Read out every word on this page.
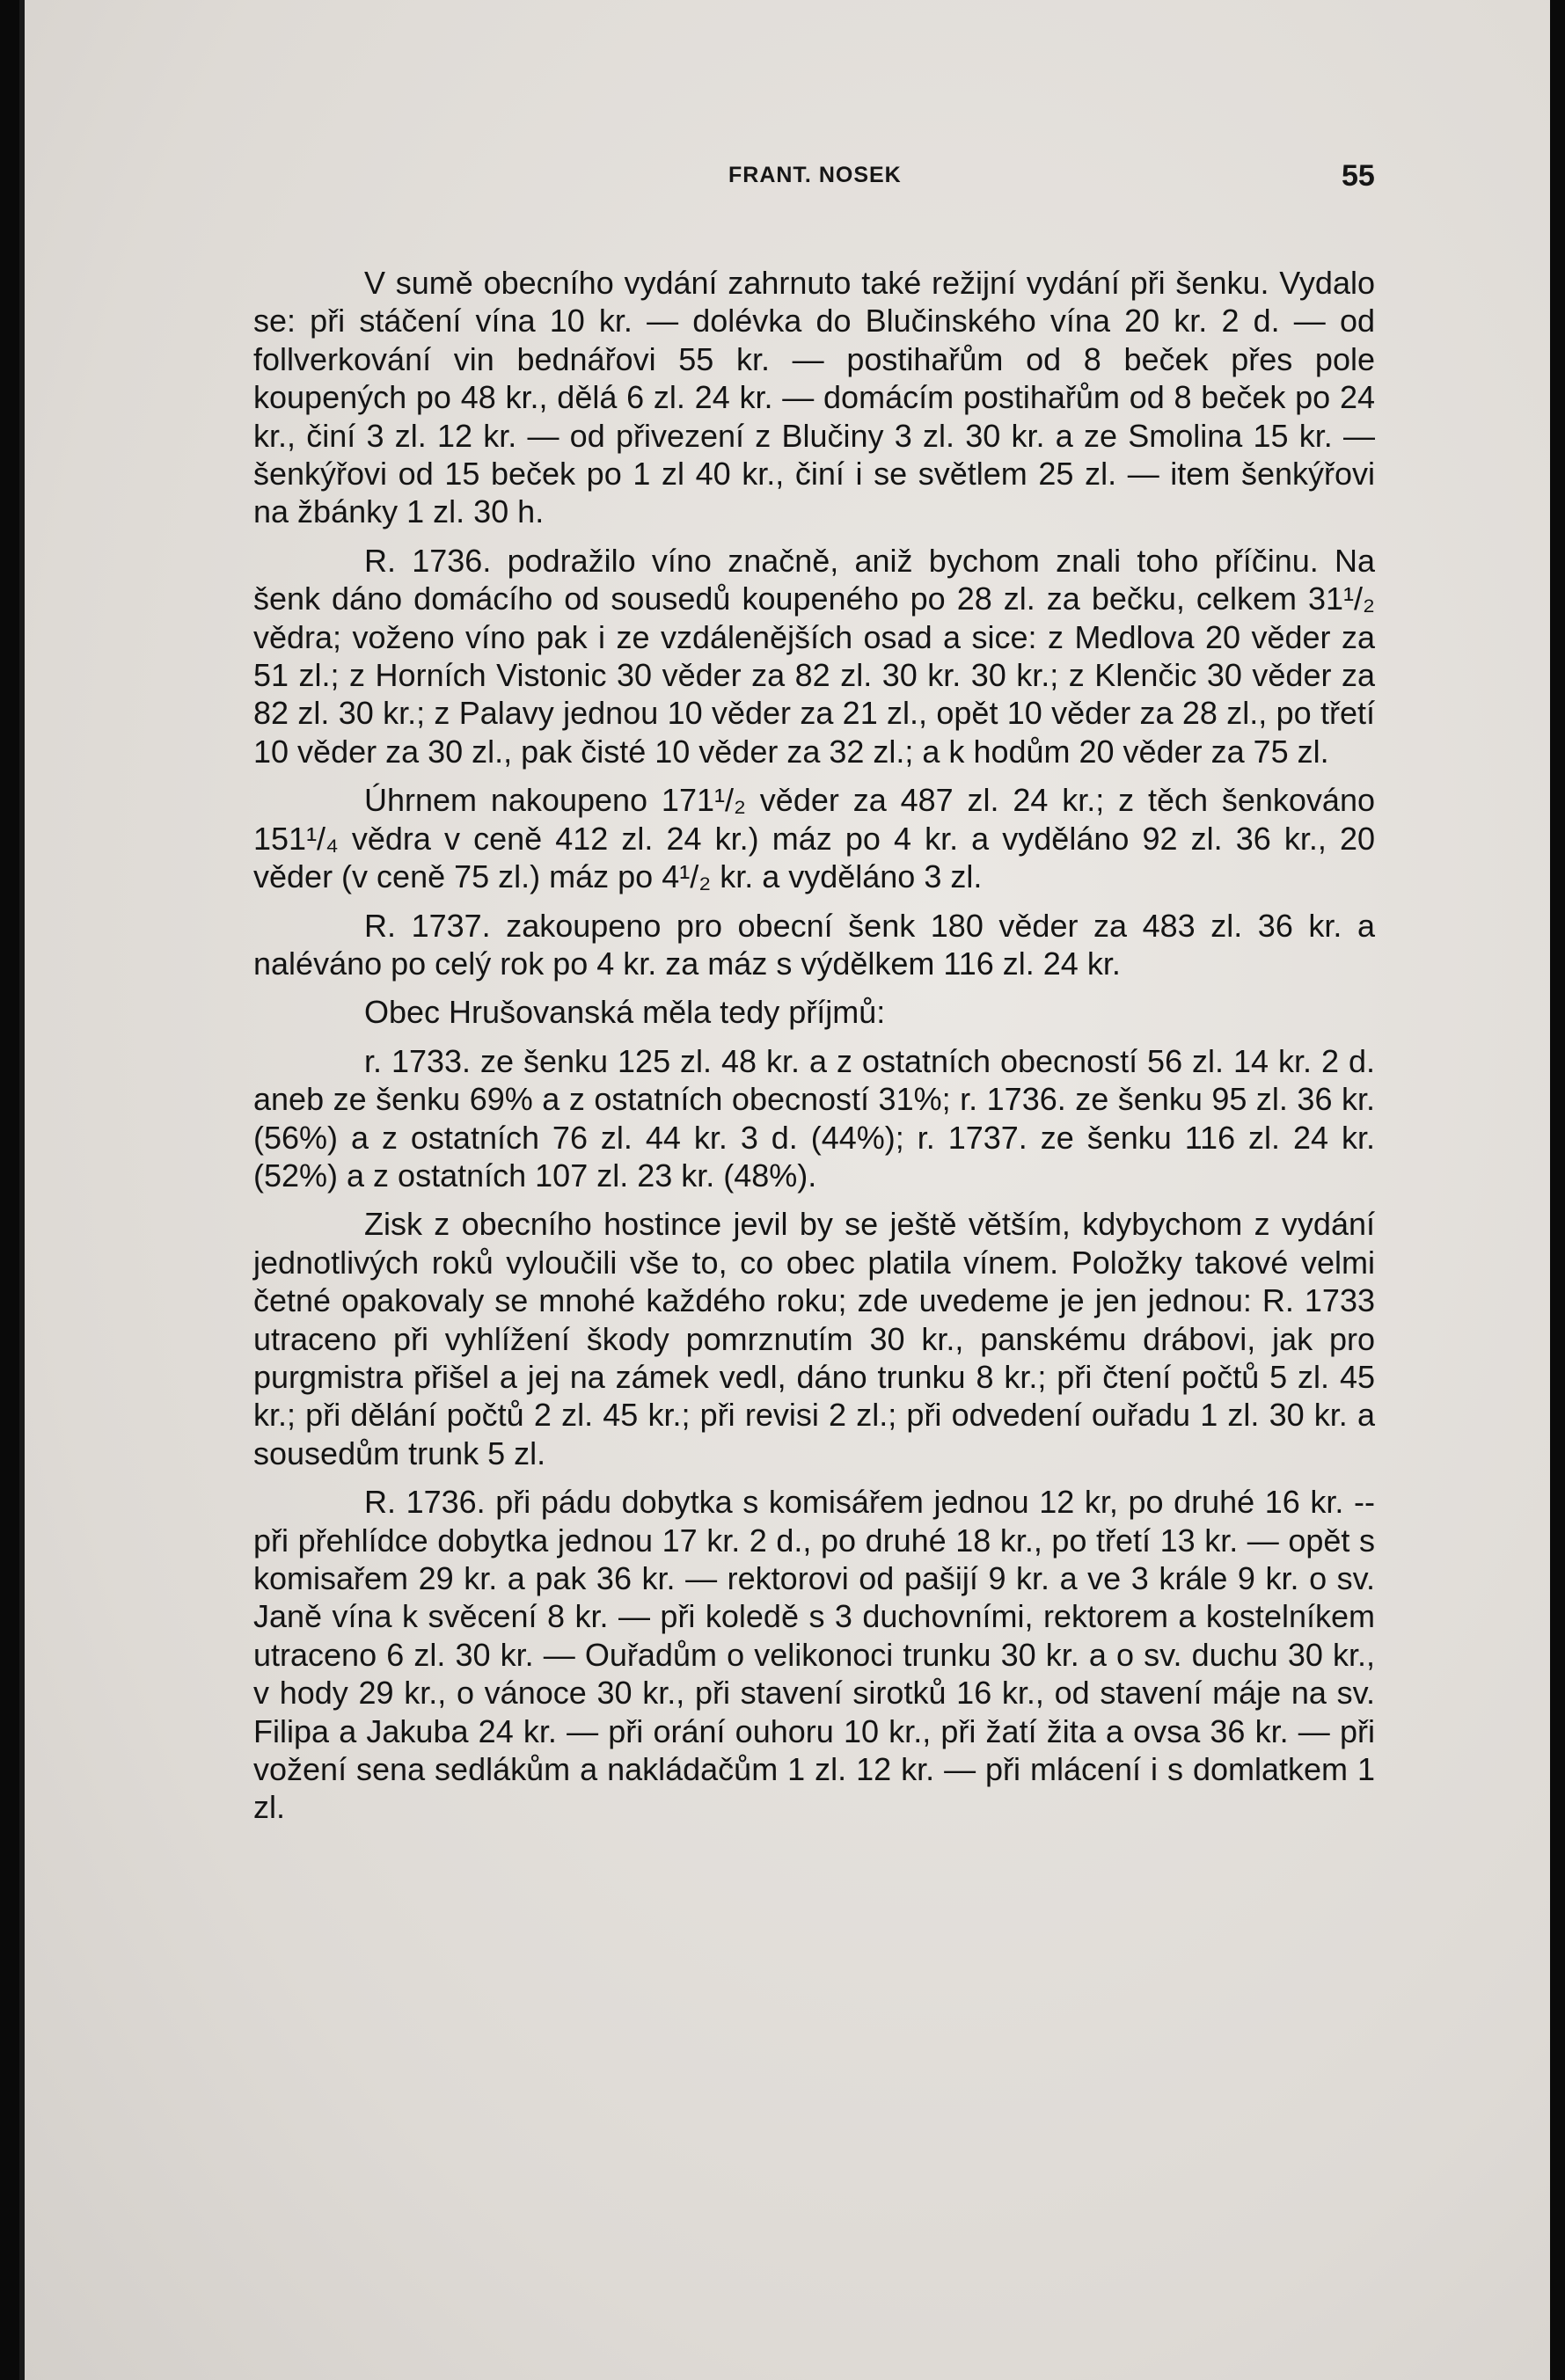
FRANT. NOSEK	55

V sumě obecního vydání zahrnuto také režijní vydání při šenku. Vydalo se: při stáčení vína 10 kr. — dolévka do Blučinského vína 20 kr. 2 d. — od follverkování vin bednářovi 55 kr. — postihařům od 8 beček přes pole koupených po 48 kr., dělá 6 zl. 24 kr. — domácím postihařům od 8 beček po 24 kr., činí 3 zl. 12 kr. — od přivezení z Blučiny 3 zl. 30 kr. a ze Smolina 15 kr. — šenkýřovi od 15 beček po 1 zl 40 kr., činí i se světlem 25 zl. — item šenkýřovi na žbánky 1 zl. 30 h.

R. 1736. podražilo víno značně, aniž bychom znali toho příčinu. Na šenk dáno domácího od sousedů koupeného po 28 zl. za bečku, celkem 31¹/₂ vědra; voženo víno pak i ze vzdálenějších osad a sice: z Medlova 20 věder za 51 zl.; z Horních Vistonic 30 věder za 82 zl. 30 kr. 30 kr.; z Klenčic 30 věder za 82 zl. 30 kr.; z Palavy jednou 10 věder za 21 zl., opět 10 věder za 28 zl., po třetí 10 věder za 30 zl., pak čisté 10 věder za 32 zl.; a k hodům 20 věder za 75 zl.

Úhrnem nakoupeno 171¹/₂ věder za 487 zl. 24 kr.; z těch šenkováno 151¹/₄ vědra v ceně 412 zl. 24 kr.) máz po 4 kr. a vyděláno 92 zl. 36 kr., 20 věder (v ceně 75 zl.) máz po 4¹/₂ kr. a vyděláno 3 zl.

R. 1737. zakoupeno pro obecní šenk 180 věder za 483 zl. 36 kr. a naléváno po celý rok po 4 kr. za máz s výdělkem 116 zl. 24 kr.

Obec Hrušovanská měla tedy příjmů:

r. 1733. ze šenku 125 zl. 48 kr. a z ostatních obecností 56 zl. 14 kr. 2 d. aneb ze šenku 69% a z ostatních obecností 31%; r. 1736. ze šenku 95 zl. 36 kr. (56%) a z ostatních 76 zl. 44 kr. 3 d. (44%); r. 1737. ze šenku 116 zl. 24 kr. (52%) a z ostatních 107 zl. 23 kr. (48%).

Zisk z obecního hostince jevil by se ještě větším, kdybychom z vydání jednotlivých roků vyloučili vše to, co obec platila vínem. Položky takové velmi četné opakovaly se mnohé každého roku; zde uvedeme je jen jednou: R. 1733 utraceno při vyhlížení škody pomrznutím 30 kr., panskému drábovi, jak pro purgmistra přišel a jej na zámek vedl, dáno trunku 8 kr.; při čtení počtů 5 zl. 45 kr.; při dělání počtů 2 zl. 45 kr.; při revisi 2 zl.; při odvedení ouřadu 1 zl. 30 kr. a sousedům trunk 5 zl.

R. 1736. při pádu dobytka s komisářem jednou 12 kr, po druhé 16 kr. -- při přehlídce dobytka jednou 17 kr. 2 d., po druhé 18 kr., po třetí 13 kr. — opět s komisařem 29 kr. a pak 36 kr. — rektorovi od pašijí 9 kr. a ve 3 krále 9 kr. o sv. Janě vína k svěcení 8 kr. — při koledě s 3 duchovními, rektorem a kostelníkem utraceno 6 zl. 30 kr. — Ouřadům o velikonoci trunku 30 kr. a o sv. duchu 30 kr., v hody 29 kr., o vánoce 30 kr., při stavení sirotků 16 kr., od stavení máje na sv. Filipa a Jakuba 24 kr. — při orání ouhoru 10 kr., při žatí žita a ovsa 36 kr. — při vožení sena sedlákům a nakládačům 1 zl. 12 kr. — při mlácení i s domlatkem 1 zl.
